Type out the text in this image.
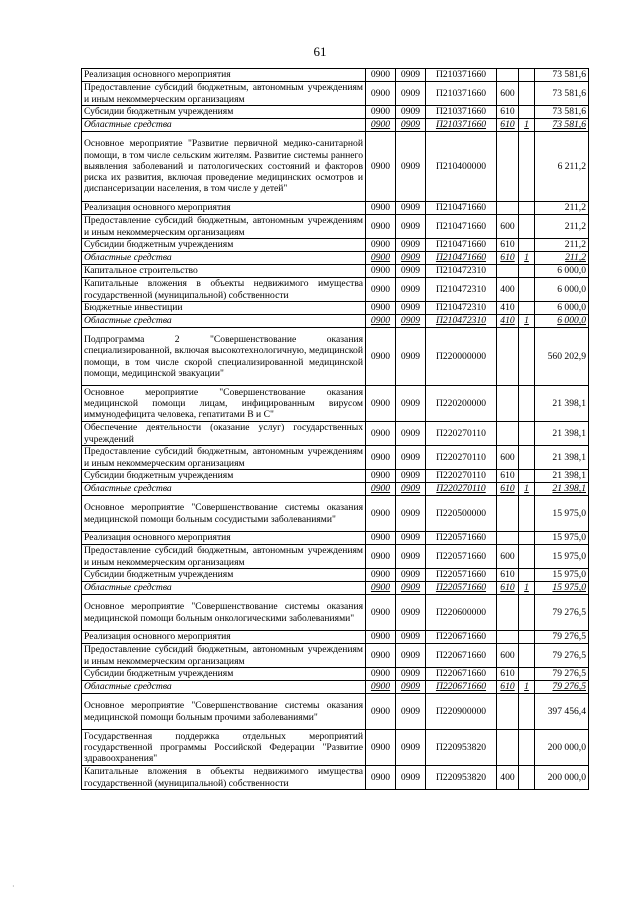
61
Реализация основного мероприятия	0900	0909	П210371660			73 581,6
Предоставление субсидий бюджетным, автономным учреждениям и иным некоммерческим организациям	0900	0909	П210371660	600		73 581,6
Субсидии бюджетным учреждениям	0900	0909	П210371660	610		73 581,6
Областные средства	0900	0909	П210371660	610	1	73 581,6
Основное мероприятие "Развитие первичной медико-санитарной помощи, в том числе сельским жителям. Развитие системы раннего выявления заболеваний и патологических состояний и факторов риска их развития, включая проведение медицинских осмотров и диспансеризации населения, в том числе у детей"	0900	0909	П210400000			6 211,2
Реализация основного мероприятия	0900	0909	П210471660			211,2
Предоставление субсидий бюджетным, автономным учреждениям и иным некоммерческим организациям	0900	0909	П210471660	600		211,2
Субсидии бюджетным учреждениям	0900	0909	П210471660	610		211,2
Областные средства	0900	0909	П210471660	610	1	211,2
Капитальное строительство	0900	0909	П210472310			6 000,0
Капитальные вложения в объекты недвижимого имущества государственной (муниципальной) собственности	0900	0909	П210472310	400		6 000,0
Бюджетные инвестиции	0900	0909	П210472310	410		6 000,0
Областные средства	0900	0909	П210472310	410	1	6 000,0
Подпрограмма 2 "Совершенствование оказания специализированной, включая высокотехнологичную, медицинской помощи, в том числе скорой специализированной медицинской помощи, медицинской эвакуации"	0900	0909	П220000000			560 202,9
Основное мероприятие "Совершенствование оказания медицинской помощи лицам, инфицированным вирусом иммунодефицита человека, гепатитами В и С"	0900	0909	П220200000			21 398,1
Обеспечение деятельности (оказание услуг) государственных учреждений	0900	0909	П220270110			21 398,1
Предоставление субсидий бюджетным, автономным учреждениям и иным некоммерческим организациям	0900	0909	П220270110	600		21 398,1
Субсидии бюджетным учреждениям	0900	0909	П220270110	610		21 398,1
Областные средства	0900	0909	П220270110	610	1	21 398,1
Основное мероприятие "Совершенствование системы оказания медицинской помощи больным сосудистыми заболеваниями"	0900	0909	П220500000			15 975,0
Реализация основного мероприятия	0900	0909	П220571660			15 975,0
Предоставление субсидий бюджетным, автономным учреждениям и иным некоммерческим организациям	0900	0909	П220571660	600		15 975,0
Субсидии бюджетным учреждениям	0900	0909	П220571660	610		15 975,0
Областные средства	0900	0909	П220571660	610	1	15 975,0
Основное мероприятие "Совершенствование системы оказания медицинской помощи больным онкологическими заболеваниями"	0900	0909	П220600000			79 276,5
Реализация основного мероприятия	0900	0909	П220671660			79 276,5
Предоставление субсидий бюджетным, автономным учреждениям и иным некоммерческим организациям	0900	0909	П220671660	600		79 276,5
Субсидии бюджетным учреждениям	0900	0909	П220671660	610		79 276,5
Областные средства	0900	0909	П220671660	610	1	79 276,5
Основное мероприятие "Совершенствование системы оказания медицинской помощи больным прочими заболеваниями"	0900	0909	П220900000			397 456,4
Государственная поддержка отдельных мероприятий государственной программы Российской Федерации "Развитие здравоохранения"	0900	0909	П220953820			200 000,0
Капитальные вложения в объекты недвижимого имущества государственной (муниципальной) собственности	0900	0909	П220953820	400		200 000,0
·
